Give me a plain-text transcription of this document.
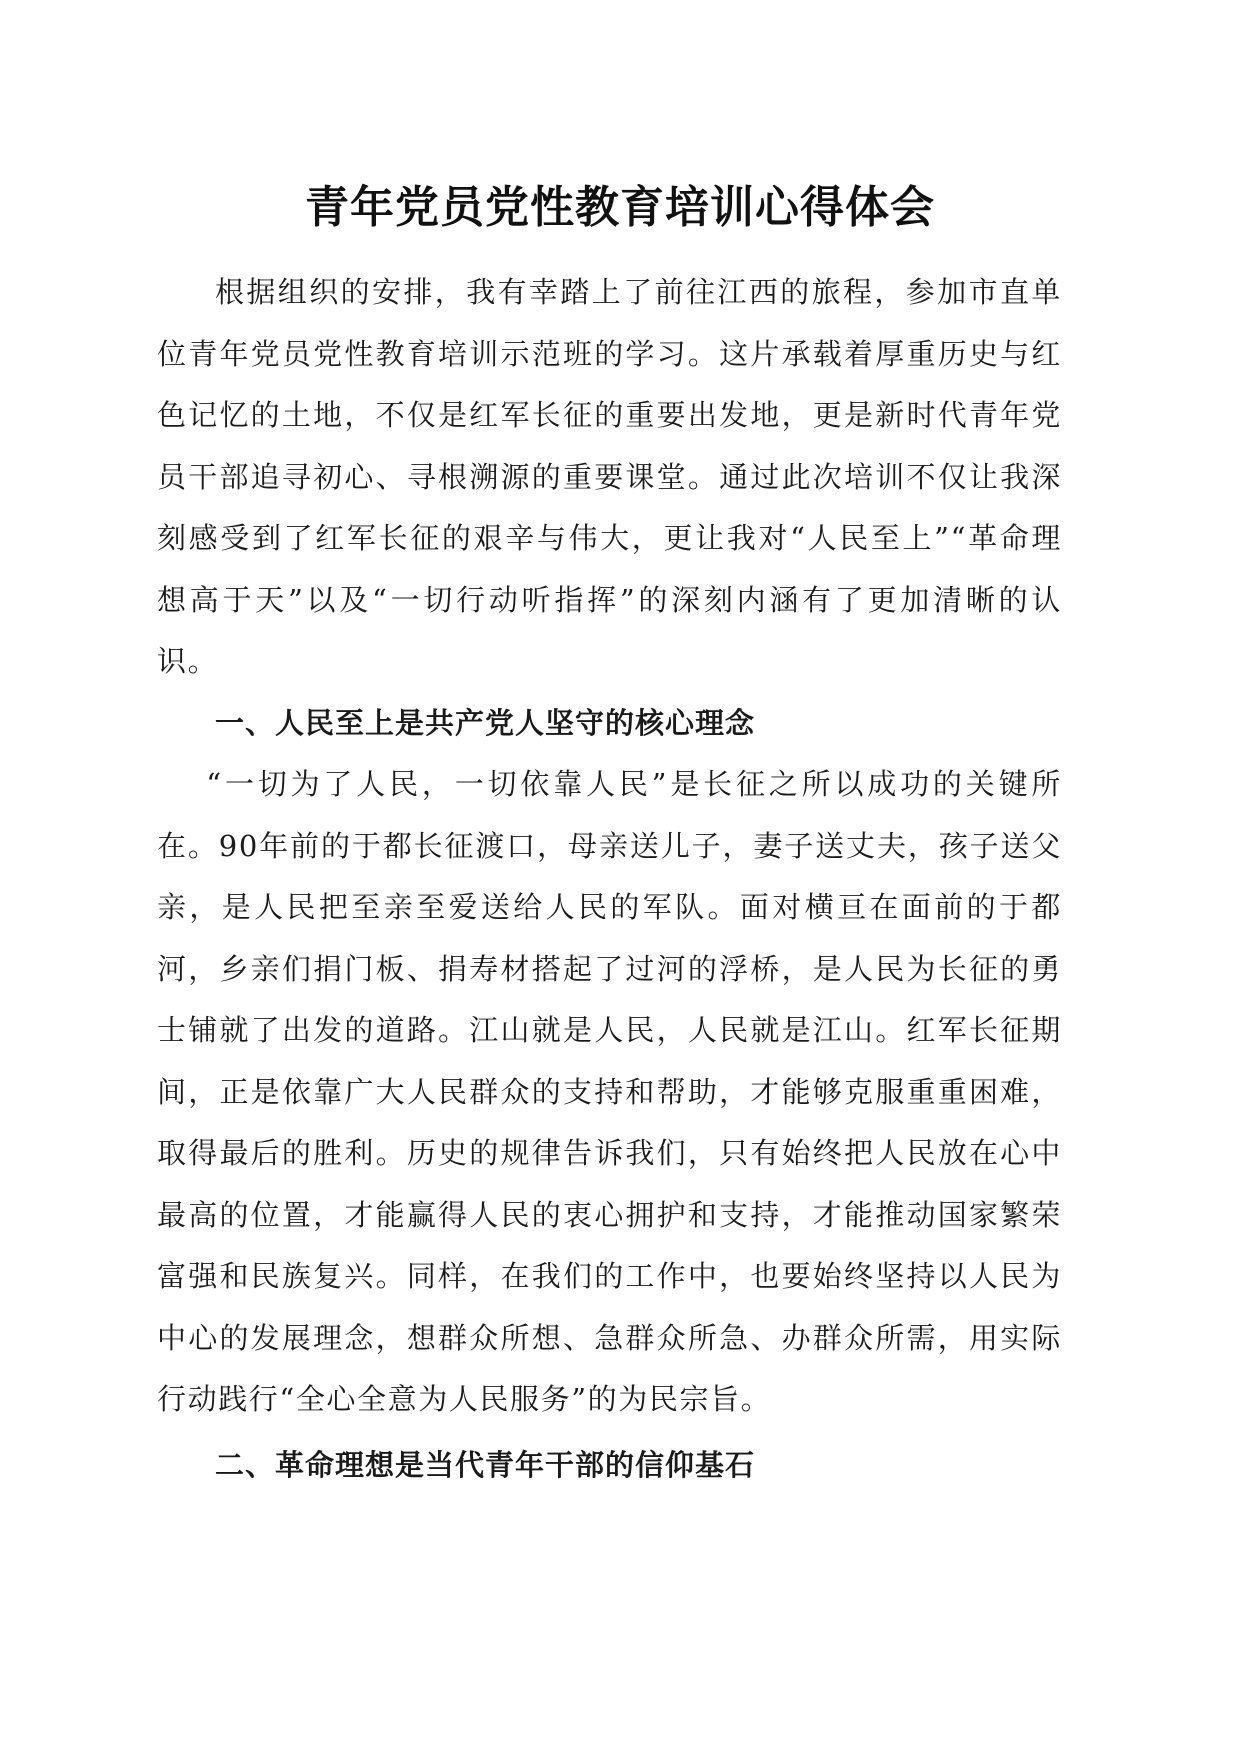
青年党员党性教育培训心得体会

根据组织的安排，我有幸踏上了前往江西的旅程，参加市直单位青年党员党性教育培训示范班的学习。这片承载着厚重历史与红色记忆的土地，不仅是红军长征的重要出发地，更是新时代青年党员干部追寻初心、寻根溯源的重要课堂。通过此次培训不仅让我深刻感受到了红军长征的艰辛与伟大，更让我对“人民至上”“革命理想高于天”以及“一切行动听指挥”的深刻内涵有了更加清晰的认识。

一、人民至上是共产党人坚守的核心理念

“一切为了人民，一切依靠人民”是长征之所以成功的关键所在。90年前的于都长征渡口，母亲送儿子，妻子送丈夫，孩子送父亲，是人民把至亲至爱送给人民的军队。面对横亘在面前的于都河，乡亲们捐门板、捐寿材搭起了过河的浮桥，是人民为长征的勇士铺就了出发的道路。江山就是人民，人民就是江山。红军长征期间，正是依靠广大人民群众的支持和帮助，才能够克服重重困难，取得最后的胜利。历史的规律告诉我们，只有始终把人民放在心中最高的位置，才能赢得人民的衷心拥护和支持，才能推动国家繁荣富强和民族复兴。同样，在我们的工作中，也要始终坚持以人民为中心的发展理念，想群众所想、急群众所急、办群众所需，用实际行动践行“全心全意为人民服务”的为民宗旨。

二、革命理想是当代青年干部的信仰基石
